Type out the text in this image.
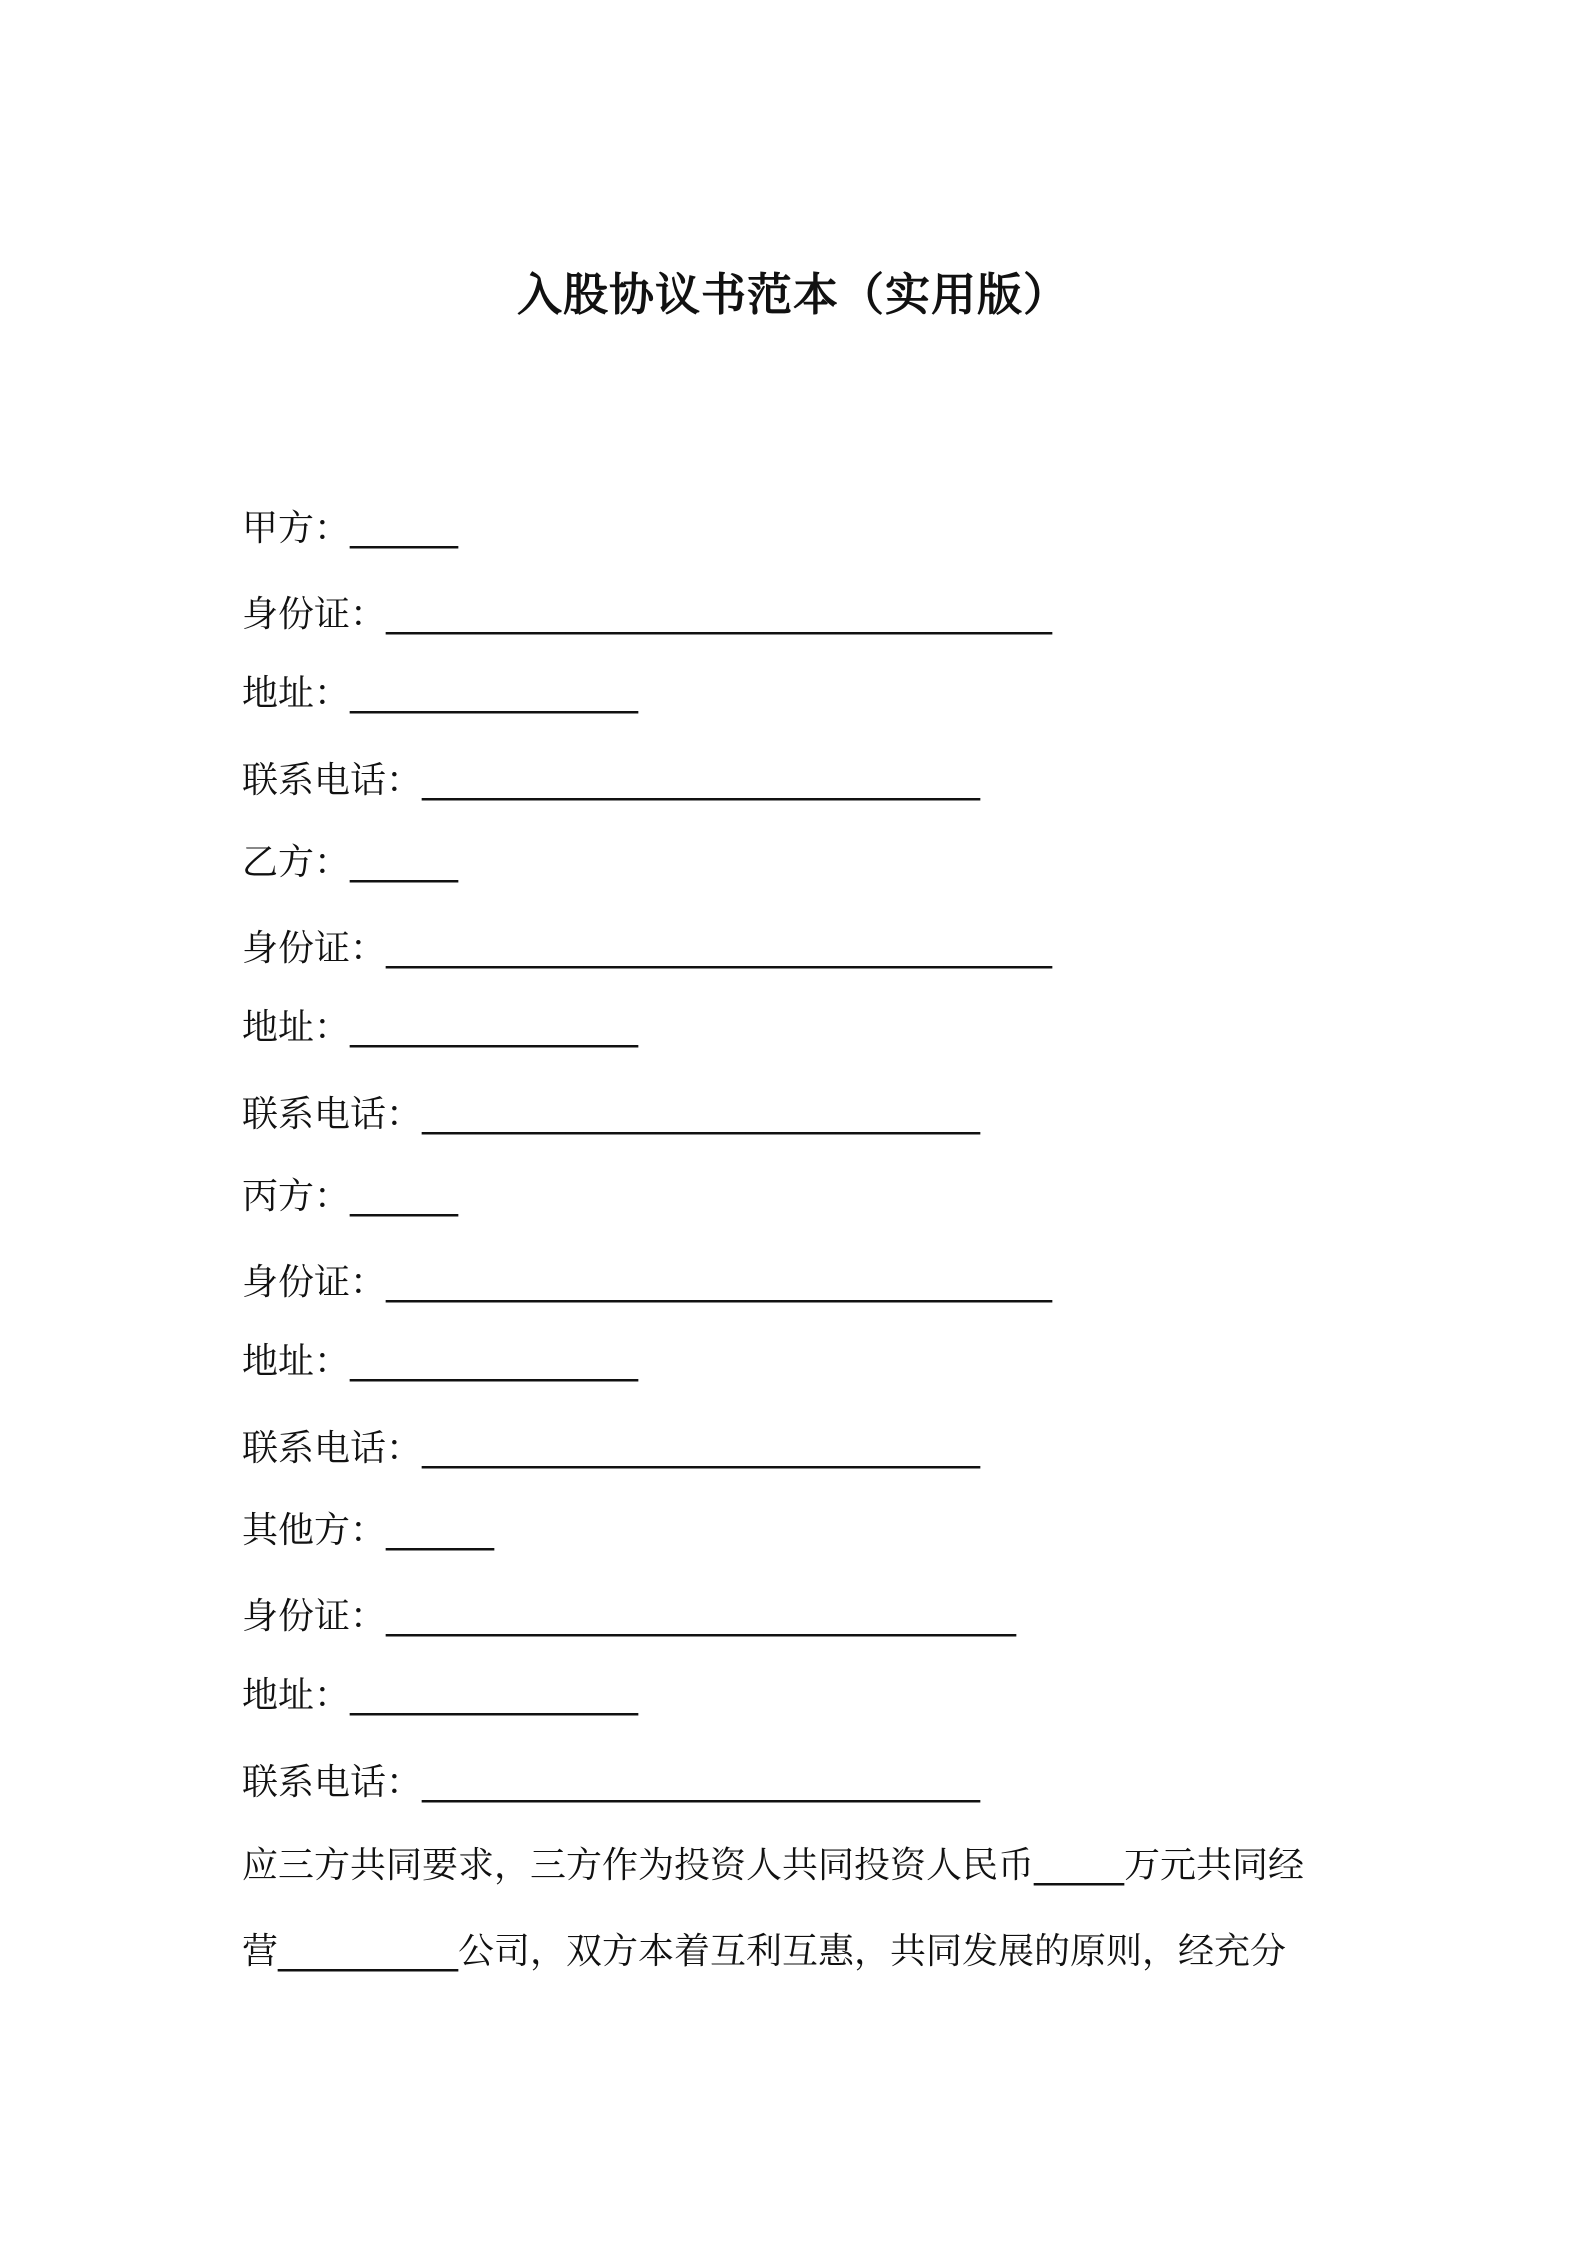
入股协议书范本（实用版）
甲方：______
身份证：_____________________________________
地址：________________
联系电话：_______________________________
乙方：______
身份证：_____________________________________
地址：________________
联系电话：_______________________________
丙方：______
身份证：_____________________________________
地址：________________
联系电话：_______________________________
其他方：______
身份证：___________________________________
地址：________________
联系电话：_______________________________
应三方共同要求，三方作为投资人共同投资人民币_____万元共同经
营__________公司，双方本着互利互惠，共同发展的原则，经充分
